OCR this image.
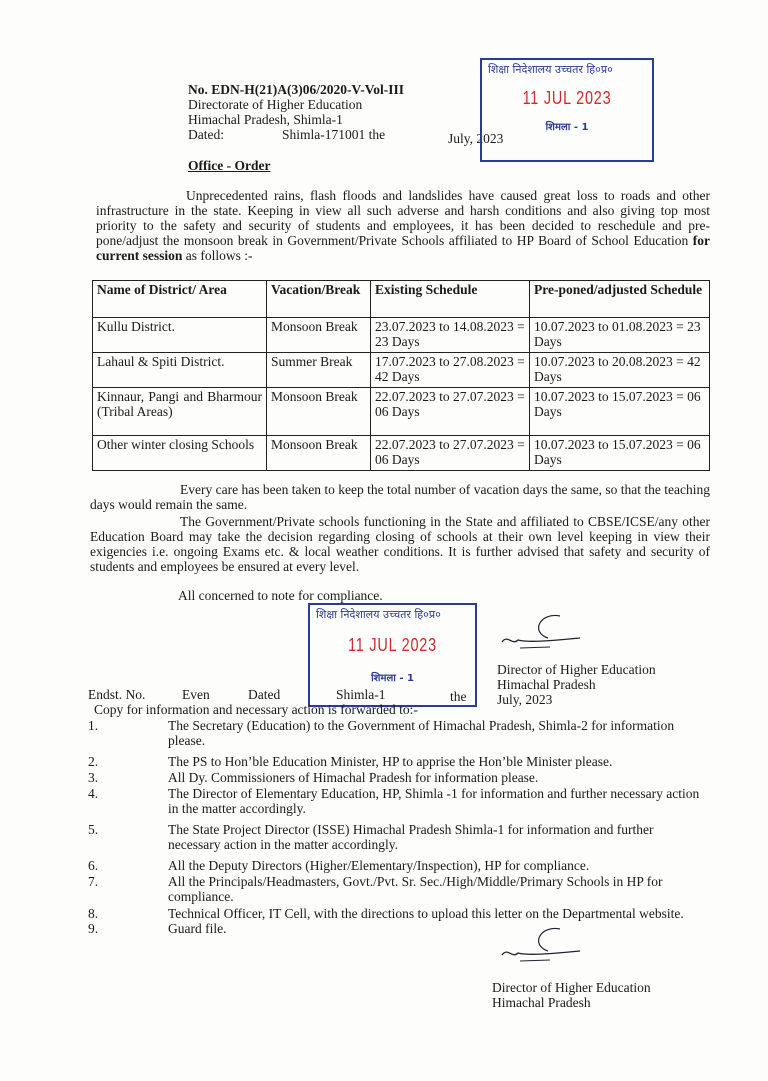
No. EDN-H(21)A(3)06/2020-V-Vol-III
Directorate of Higher Education
Himachal Pradesh, Shimla-1
Dated:	Shimla-171001 the	July, 2023
शिक्षा निदेशालय उच्चतर हि०प्र०
11 JUL 2023
शिमला - 1
Office - Order
Unprecedented rains, flash floods and landslides have caused great loss to roads and other infrastructure in the state. Keeping in view all such adverse and harsh conditions and also giving top most priority to the safety and security of students and employees, it has been decided to reschedule and pre-pone/adjust the monsoon break in Government/Private Schools affiliated to HP Board of School Education for current session as follows :-
Name of District/ Area	Vacation/Break	Existing Schedule	Pre-poned/adjusted Schedule
Kullu District.	Monsoon Break	23.07.2023 to 14.08.2023 = 23 Days	10.07.2023 to 01.08.2023 = 23 Days
Lahaul & Spiti District.	Summer Break	17.07.2023 to 27.08.2023 = 42 Days	10.07.2023 to 20.08.2023 = 42 Days
Kinnaur, Pangi and Bharmour (Tribal Areas)	Monsoon Break	22.07.2023 to 27.07.2023 = 06 Days	10.07.2023 to 15.07.2023 = 06 Days
Other winter closing Schools	Monsoon Break	22.07.2023 to 27.07.2023 = 06 Days	10.07.2023 to 15.07.2023 = 06 Days
Every care has been taken to keep the total number of vacation days the same, so that the teaching days would remain the same.
The Government/Private schools functioning in the State and affiliated to CBSE/ICSE/any other Education Board may take the decision regarding closing of schools at their own level keeping in view their exigencies i.e. ongoing Exams etc. & local weather conditions. It is further advised that safety and security of students and employees be ensured at every level.
All concerned to note for compliance.
शिक्षा निदेशालय उच्चतर हि०प्र०
11 JUL 2023
शिमला - 1
Director of Higher Education
Himachal Pradesh
July, 2023
Endst. No.	Even	Dated	Shimla-1	the
Copy for information and necessary action is forwarded to:-
1.	The Secretary (Education) to the Government of Himachal Pradesh, Shimla-2 for information please.
2.	The PS to Hon’ble Education Minister, HP to apprise the Hon’ble Minister please.
3.	All Dy. Commissioners of Himachal Pradesh for information please.
4.	The Director of Elementary Education, HP, Shimla -1 for information and further necessary action in the matter accordingly.
5.	The State Project Director (ISSE) Himachal Pradesh Shimla-1 for information and further necessary action in the matter accordingly.
6.	All the Deputy Directors (Higher/Elementary/Inspection), HP for compliance.
7.	All the Principals/Headmasters, Govt./Pvt. Sr. Sec./High/Middle/Primary Schools in HP for compliance.
8.	Technical Officer, IT Cell, with the directions to upload this letter on the Departmental website.
9.	Guard file.
Director of Higher Education
Himachal Pradesh
